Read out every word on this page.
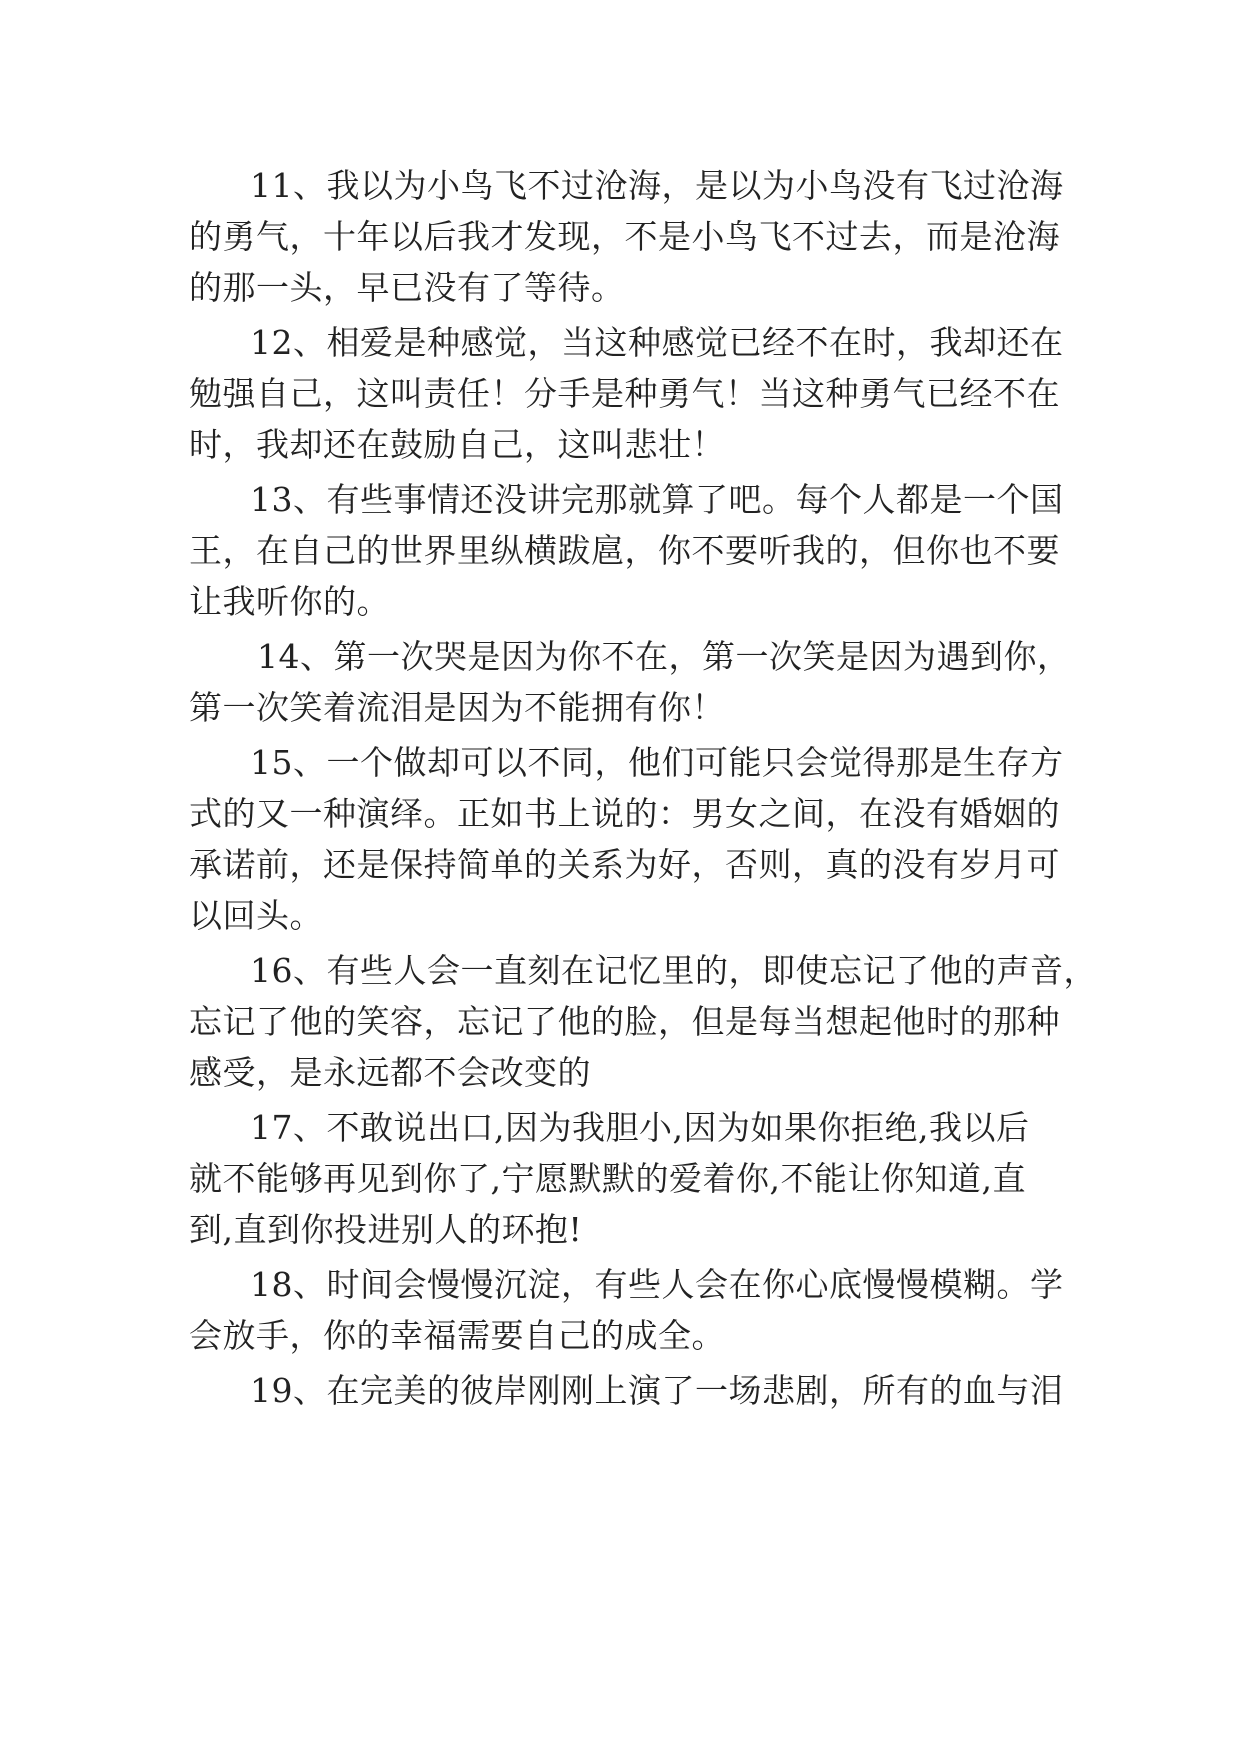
11、我以为小鸟飞不过沧海，是以为小鸟没有飞过沧海
的勇气，十年以后我才发现，不是小鸟飞不过去，而是沧海
的那一头，早已没有了等待。
12、相爱是种感觉，当这种感觉已经不在时，我却还在
勉强自己，这叫责任！分手是种勇气！当这种勇气已经不在
时，我却还在鼓励自己，这叫悲壮！
13、有些事情还没讲完那就算了吧。每个人都是一个国
王，在自己的世界里纵横跋扈，你不要听我的，但你也不要
让我听你的。
14、第一次哭是因为你不在，第一次笑是因为遇到你，
第一次笑着流泪是因为不能拥有你！
15、一个做却可以不同，他们可能只会觉得那是生存方
式的又一种演绎。正如书上说的：男女之间，在没有婚姻的
承诺前，还是保持简单的关系为好，否则，真的没有岁月可
以回头。
16、有些人会一直刻在记忆里的，即使忘记了他的声音，
忘记了他的笑容，忘记了他的脸，但是每当想起他时的那种
感受，是永远都不会改变的
17、不敢说出口,因为我胆小,因为如果你拒绝,我以后
就不能够再见到你了,宁愿默默的爱着你,不能让你知道,直
到,直到你投进别人的环抱!
18、时间会慢慢沉淀，有些人会在你心底慢慢模糊。学
会放手，你的幸福需要自己的成全。
19、在完美的彼岸刚刚上演了一场悲剧，所有的血与泪
